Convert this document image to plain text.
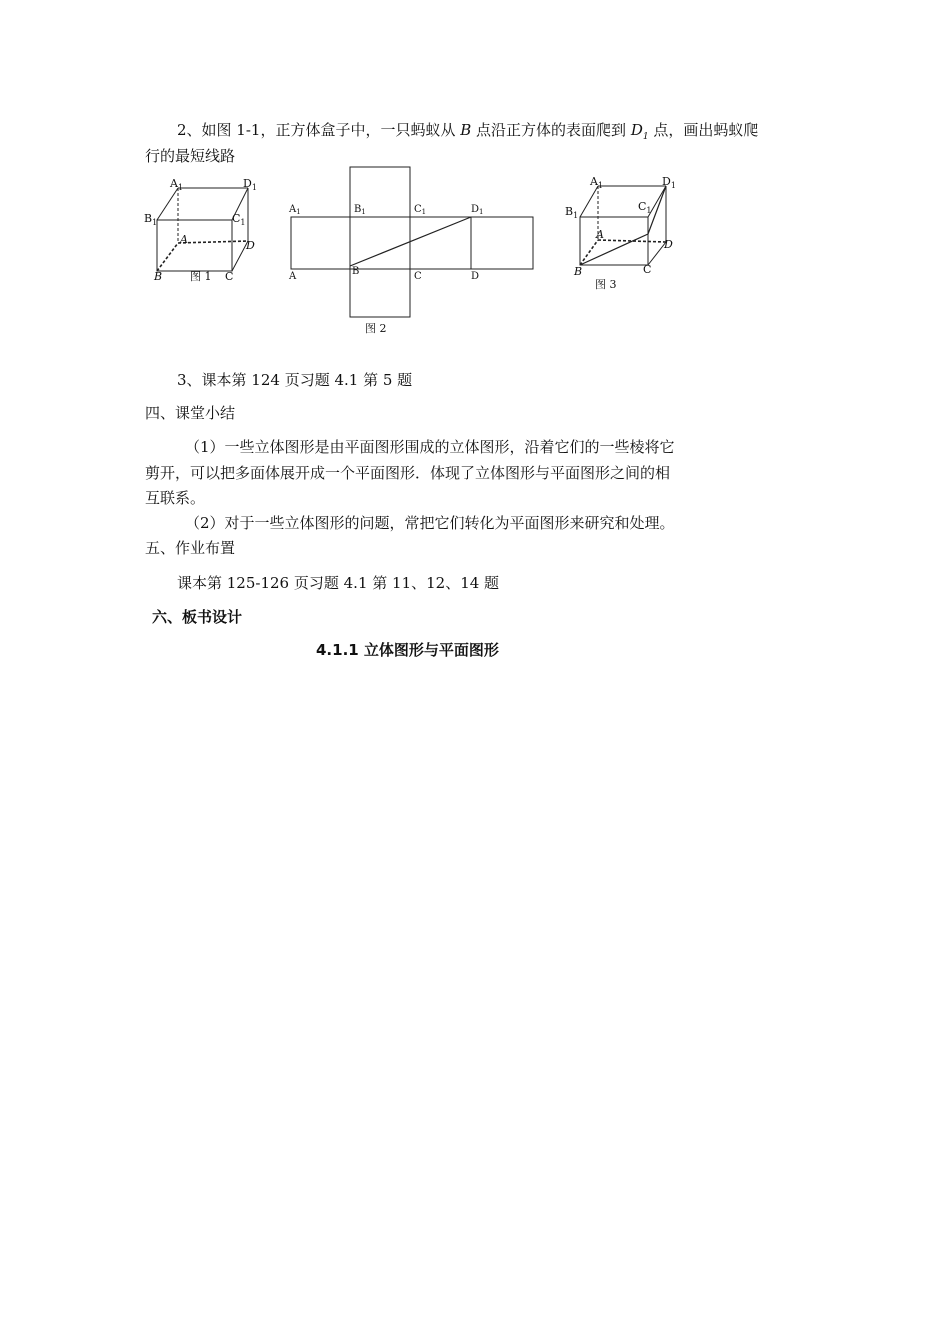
2、如图 1-1，正方体盒子中，一只蚂蚁从 B 点沿正方体的表面爬到 $D_1$ 点，画出蚂蚁爬
行的最短线路
$A_1$	$D_1$
$B_1$	$C_1$
A	D
B	C
图 1
$A_1$	$B_1$	$C_1$	$D_1$
A	B	C	D
图 2
$A_1$	$D_1$
$B_1$
$C_1$
A
D
B	C
图 3
3、课本第 124 页习题 4.1 第 5 题
四、课堂小结
（1）一些立体图形是由平面图形围成的立体图形，沿着它们的一些棱将它
剪开，可以把多面体展开成一个平面图形．体现了立体图形与平面图形之间的相
互联系。
（2）对于一些立体图形的问题，常把它们转化为平面图形来研究和处理。
五、作业布置
课本第 125-126 页习题 4.1 第 11、12、14 题
六、板书设计
4.1.1 立体图形与平面图形
